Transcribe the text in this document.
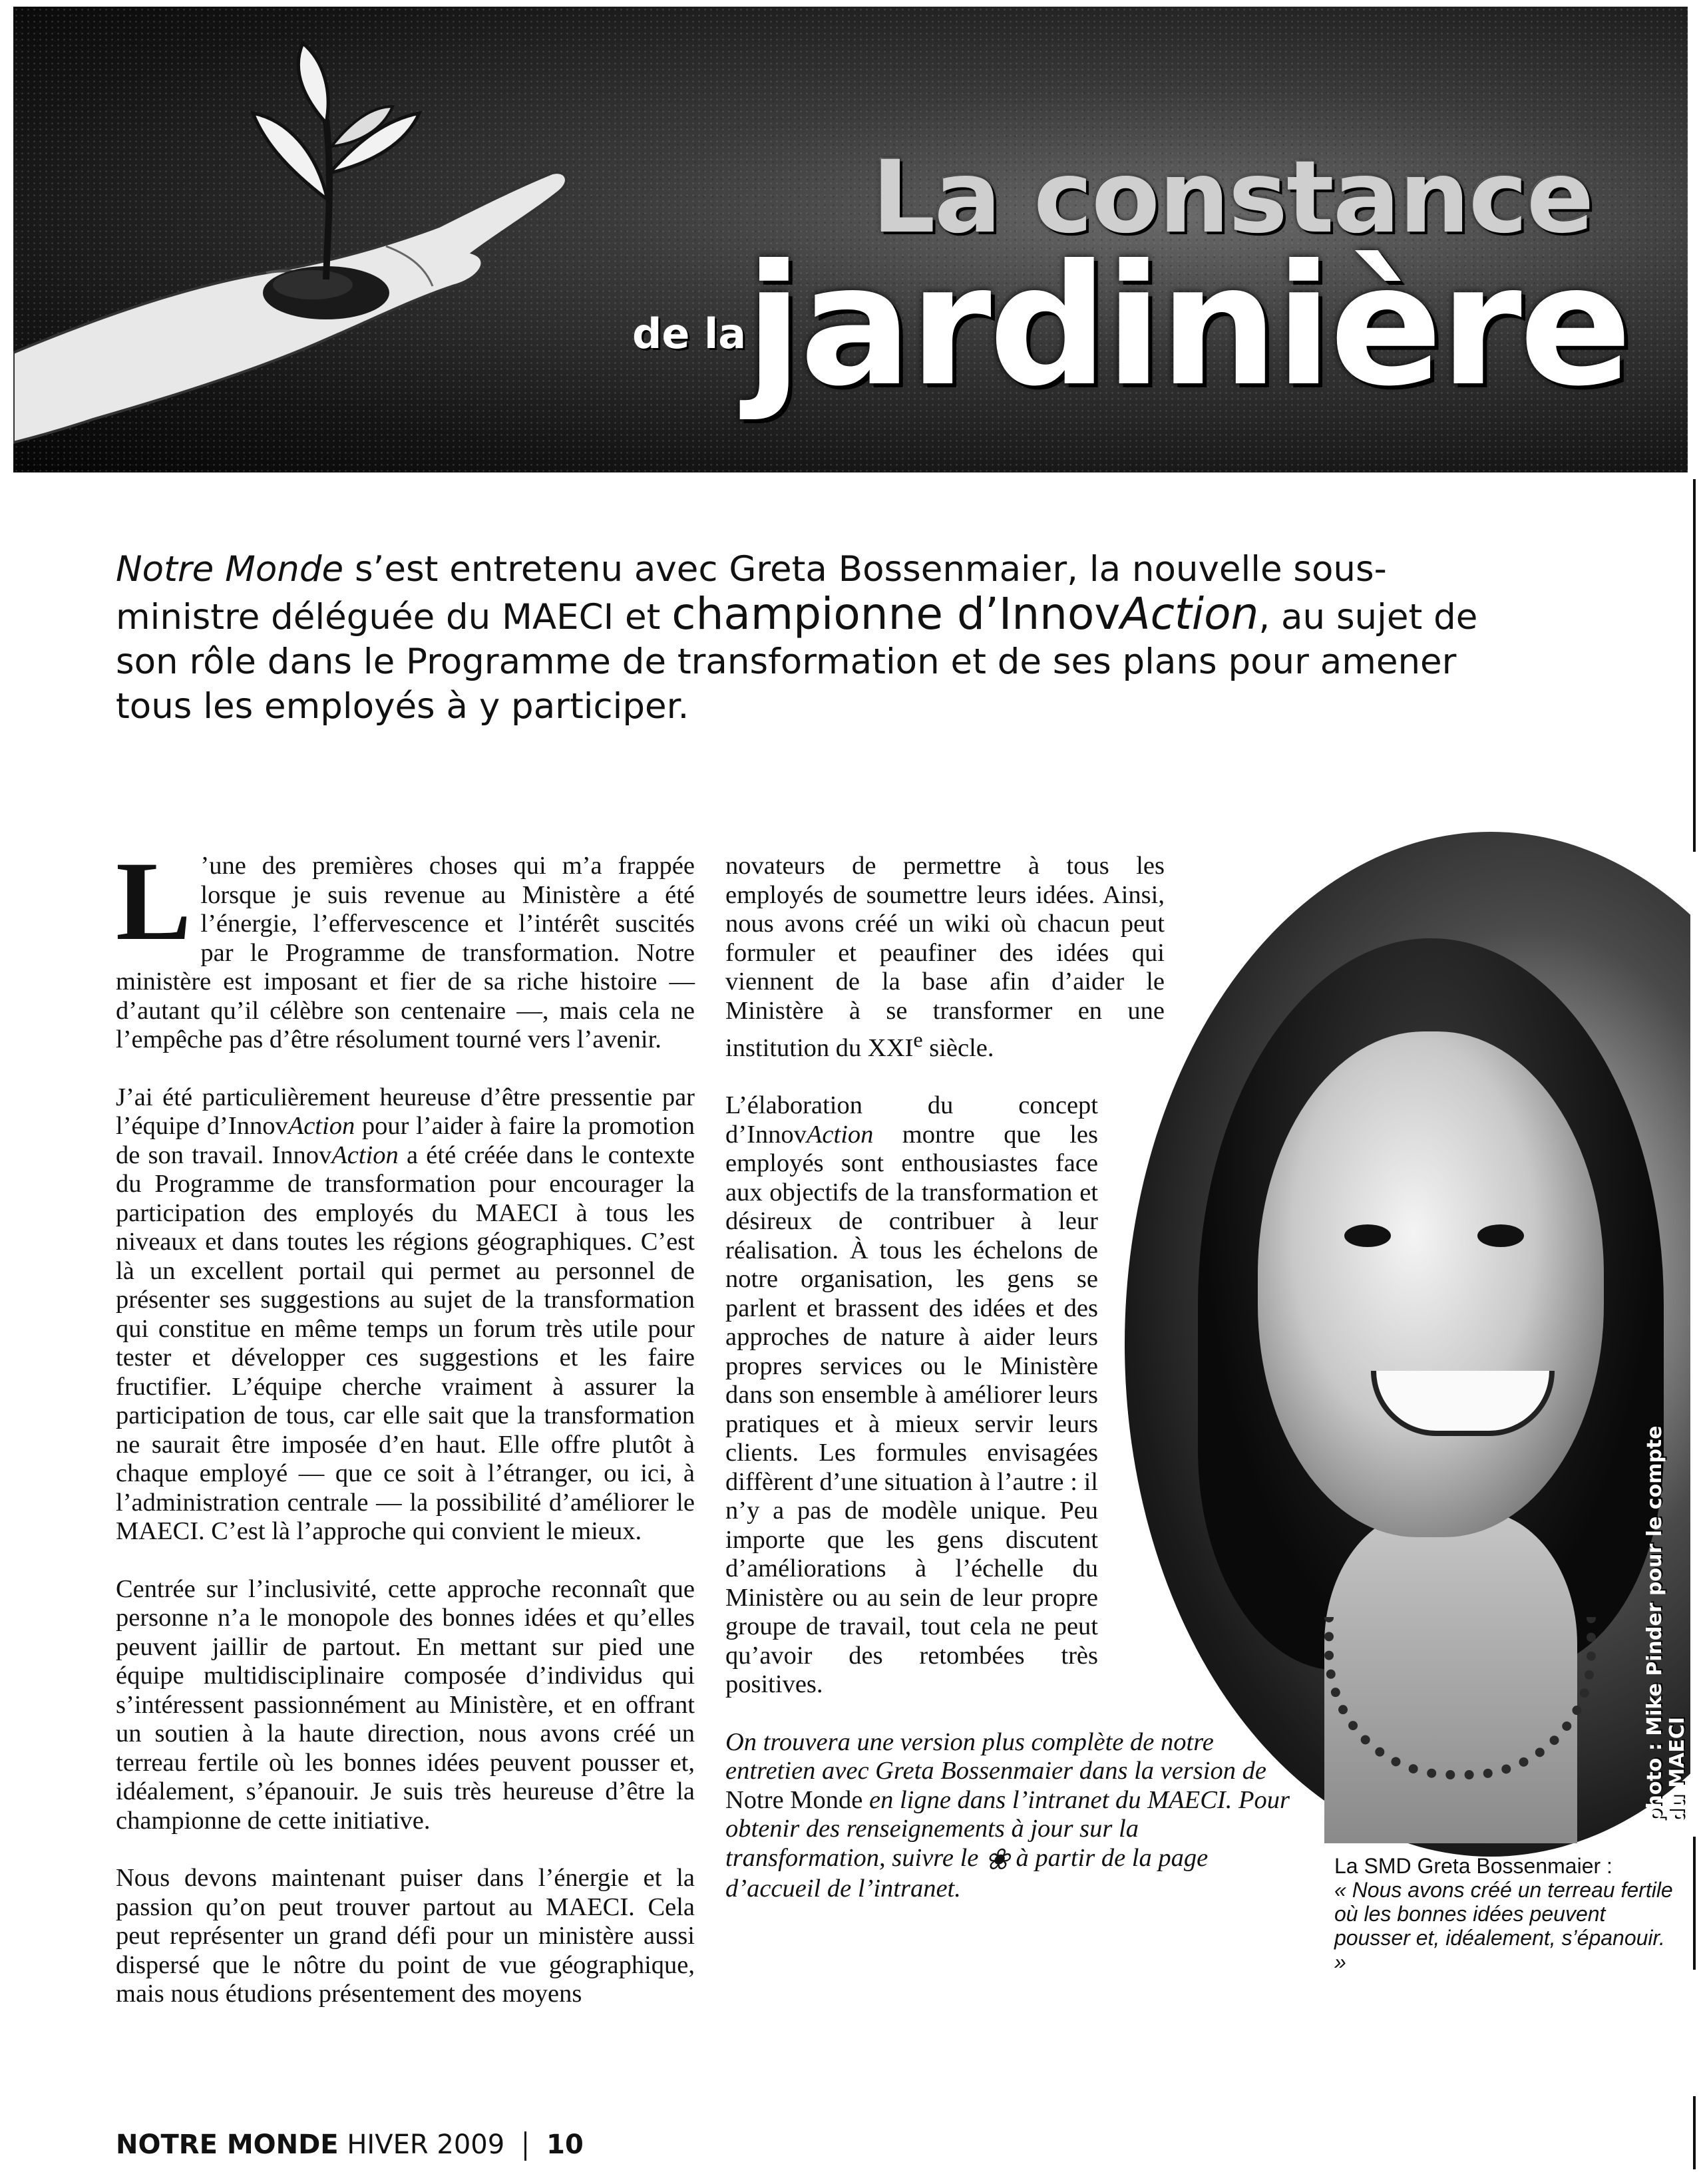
La constance
de la
jardinière
Notre Monde s’est entretenu avec Greta Bossenmaier, la nouvelle sous-ministre déléguée du MAECI et championne d’InnovAction, au sujet de son rôle dans le Programme de transformation et de ses plans pour amener tous les employés à y participer.

L ’une des premières choses qui m’a frappée lorsque je suis revenue au Ministère a été l’énergie, l’effervescence et l’intérêt suscités par le Programme de transformation. Notre ministère est imposant et fier de sa riche histoire — d’autant qu’il célèbre son centenaire —, mais cela ne l’empêche pas d’être résolument tourné vers l’avenir.

J’ai été particulièrement heureuse d’être pressentie par l’équipe d’InnovAction pour l’aider à faire la promotion de son travail. InnovAction a été créée dans le contexte du Programme de transformation pour encourager la participation des employés du MAECI à tous les niveaux et dans toutes les régions géographiques. C’est là un excellent portail qui permet au personnel de présenter ses suggestions au sujet de la transformation qui constitue en même temps un forum très utile pour tester et développer ces suggestions et les faire fructifier. L’équipe cherche vraiment à assurer la participation de tous, car elle sait que la transformation ne saurait être imposée d’en haut. Elle offre plutôt à chaque employé — que ce soit à l’étranger, ou ici, à l’administration centrale — la possibilité d’améliorer le MAECI. C’est là l’approche qui convient le mieux.

Centrée sur l’inclusivité, cette approche reconnaît que personne n’a le monopole des bonnes idées et qu’elles peuvent jaillir de partout. En mettant sur pied une équipe multidisciplinaire composée d’individus qui s’intéressent passionnément au Ministère, et en offrant un soutien à la haute direction, nous avons créé un terreau fertile où les bonnes idées peuvent pousser et, idéalement, s’épanouir. Je suis très heureuse d’être la championne de cette initiative.

Nous devons maintenant puiser dans l’énergie et la passion qu’on peut trouver partout au MAECI. Cela peut représenter un grand défi pour un ministère aussi dispersé que le nôtre du point de vue géographique, mais nous étudions présentement des moyens

photo : Mike Pinder pour le compte du MAECI

novateurs de permettre à tous les employés de soumettre leurs idées. Ainsi, nous avons créé un wiki où chacun peut formuler et peaufiner des idées qui viennent de la base afin d’aider le Ministère à se transformer en une institution du XXIe siècle.

L’élaboration du concept d’InnovAction montre que les employés sont enthousiastes face aux objectifs de la transformation et désireux de contribuer à leur réalisation. À tous les échelons de notre organisation, les gens se parlent et brassent des idées et des approches de nature à aider leurs propres services ou le Ministère dans son ensemble à améliorer leurs pratiques et à mieux servir leurs clients. Les formules envisagées diffèrent d’une situation à l’autre : il n’y a pas de modèle unique. Peu importe que les gens discutent d’améliorations à l’échelle du Ministère ou au sein de leur propre groupe de travail, tout cela ne peut qu’avoir des retombées très positives.

On trouvera une version plus complète de notre entretien avec Greta Bossenmaier dans la version de Notre Monde en ligne dans l’intranet du MAECI. Pour obtenir des renseignements à jour sur la transformation, suivre le ❀ à partir de la page d’accueil de l’intranet.

La SMD Greta Bossenmaier :
« Nous avons créé un terreau fertile où les bonnes idées peuvent pousser et, idéalement, s’épanouir. »
NOTRE MONDE HIVER 2009 10
